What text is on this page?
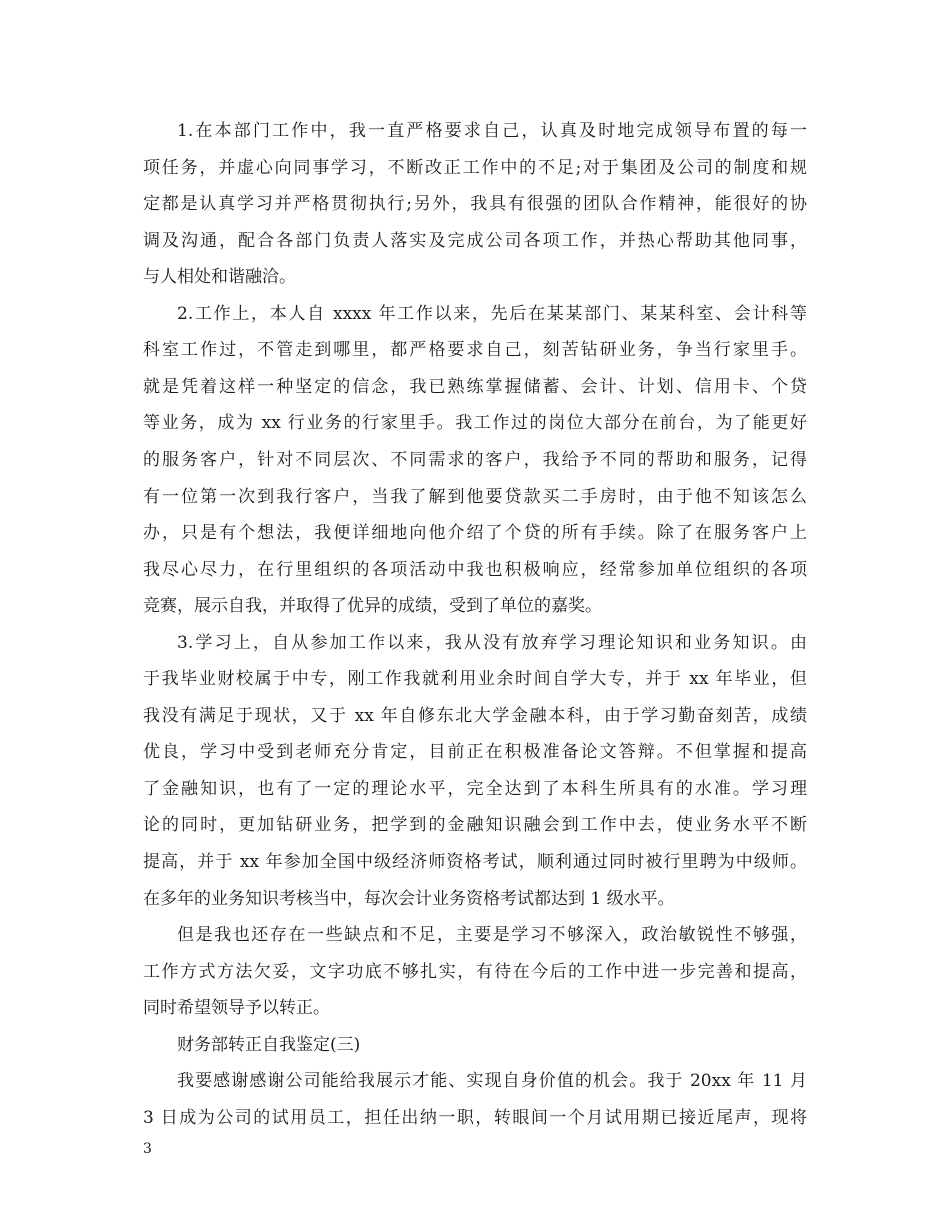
1.在本部门工作中，我一直严格要求自己，认真及时地完成领导布置的每一
项任务，并虚心向同事学习，不断改正工作中的不足;对于集团及公司的制度和规
定都是认真学习并严格贯彻执行;另外，我具有很强的团队合作精神，能很好的协
调及沟通，配合各部门负责人落实及完成公司各项工作，并热心帮助其他同事，
与人相处和谐融洽。
2.工作上，本人自 xxxx 年工作以来，先后在某某部门、某某科室、会计科等
科室工作过，不管走到哪里，都严格要求自己，刻苦钻研业务，争当行家里手。
就是凭着这样一种坚定的信念，我已熟练掌握储蓄、会计、计划、信用卡、个贷
等业务，成为 xx 行业务的行家里手。我工作过的岗位大部分在前台，为了能更好
的服务客户，针对不同层次、不同需求的客户，我给予不同的帮助和服务，记得
有一位第一次到我行客户，当我了解到他要贷款买二手房时，由于他不知该怎么
办，只是有个想法，我便详细地向他介绍了个贷的所有手续。除了在服务客户上
我尽心尽力，在行里组织的各项活动中我也积极响应，经常参加单位组织的各项
竞赛，展示自我，并取得了优异的成绩，受到了单位的嘉奖。
3.学习上，自从参加工作以来，我从没有放弃学习理论知识和业务知识。由
于我毕业财校属于中专，刚工作我就利用业余时间自学大专，并于 xx 年毕业，但
我没有满足于现状，又于 xx 年自修东北大学金融本科，由于学习勤奋刻苦，成绩
优良，学习中受到老师充分肯定，目前正在积极准备论文答辩。不但掌握和提高
了金融知识，也有了一定的理论水平，完全达到了本科生所具有的水准。学习理
论的同时，更加钻研业务，把学到的金融知识融会到工作中去，使业务水平不断
提高，并于 xx 年参加全国中级经济师资格考试，顺利通过同时被行里聘为中级师。
在多年的业务知识考核当中，每次会计业务资格考试都达到 1 级水平。
但是我也还存在一些缺点和不足，主要是学习不够深入，政治敏锐性不够强，
工作方式方法欠妥，文字功底不够扎实，有待在今后的工作中进一步完善和提高，
同时希望领导予以转正。
财务部转正自我鉴定(三)
我要感谢感谢公司能给我展示才能、实现自身价值的机会。我于 20xx 年 11 月
3 日成为公司的试用员工，担任出纳一职，转眼间一个月试用期已接近尾声，现将
3
